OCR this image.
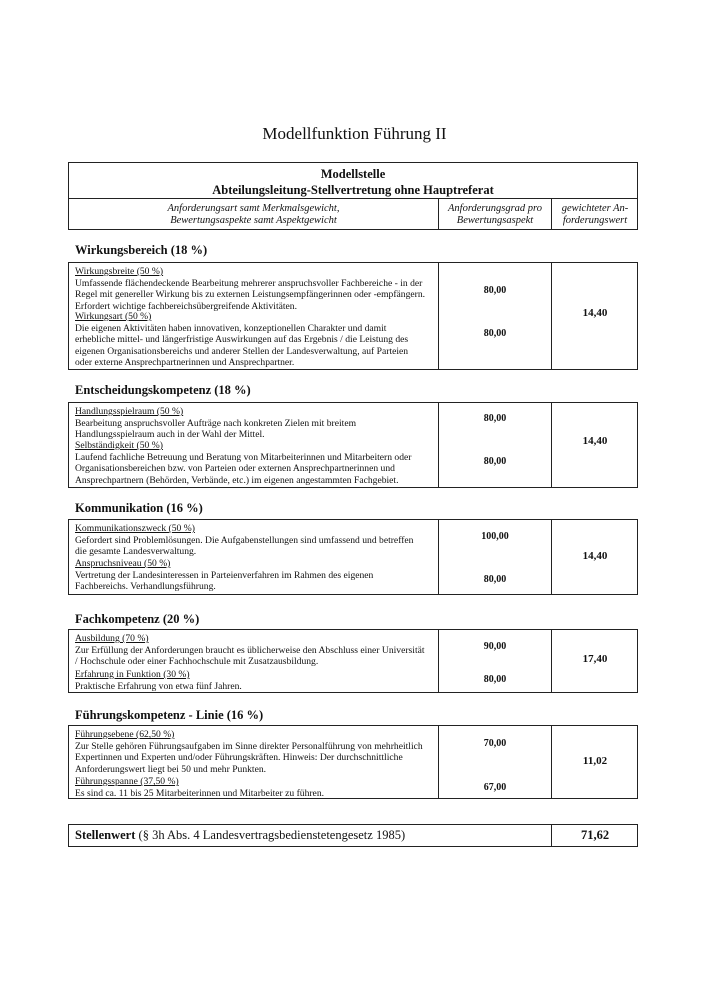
Modellfunktion Führung II
Modellstelle
Abteilungsleitung-Stellvertretung ohne Hauptreferat
Anforderungsart samt Merkmalsgewicht, Bewertungsaspekte samt Aspektgewicht
Anforderungsgrad pro Bewertungsaspekt
gewichteter An-forderungswert
Wirkungsbereich (18 %)
Wirkungsbreite (50 %)
Umfassende flächendeckende Bearbeitung mehrerer anspruchsvoller Fachbereiche - in der Regel mit genereller Wirkung bis zu externen Leistungsempfängerinnen oder -empfängern. Erfordert wichtige fachbereichsübergreifende Aktivitäten.
80,00
Wirkungsart (50 %)
Die eigenen Aktivitäten haben innovativen, konzeptionellen Charakter und damit erhebliche mittel- und längerfristige Auswirkungen auf das Ergebnis / die Leistung des eigenen Organisationsbereichs und anderer Stellen der Landesverwaltung, auf Parteien oder externe Ansprechpartnerinnen und Ansprechpartner.
80,00
14,40
Entscheidungskompetenz (18 %)
Handlungsspielraum (50 %)
Bearbeitung anspruchsvoller Aufträge nach konkreten Zielen mit breitem Handlungsspielraum auch in der Wahl der Mittel.
80,00
Selbständigkeit (50 %)
Laufend fachliche Betreuung und Beratung von Mitarbeiterinnen und Mitarbeitern oder Organisationsbereichen bzw. von Parteien oder externen Ansprechpartnerinnen und Ansprechpartnern (Behörden, Verbände, etc.) im eigenen angestammten Fachgebiet.
80,00
14,40
Kommunikation (16 %)
Kommunikationszweck (50 %)
Gefordert sind Problemlösungen. Die Aufgabenstellungen sind umfassend und betreffen die gesamte Landesverwaltung.
100,00
Anspruchsniveau (50 %)
Vertretung der Landesinteressen in Parteienverfahren im Rahmen des eigenen Fachbereichs. Verhandlungsführung.
80,00
14,40
Fachkompetenz (20 %)
Ausbildung (70 %)
Zur Erfüllung der Anforderungen braucht es üblicherweise den Abschluss einer Universität / Hochschule oder einer Fachhochschule mit Zusatzausbildung.
90,00
Erfahrung in Funktion (30 %)
Praktische Erfahrung von etwa fünf Jahren.
80,00
17,40
Führungskompetenz - Linie (16 %)
Führungsebene (62,50 %)
Zur Stelle gehören Führungsaufgaben im Sinne direkter Personalführung von mehrheitlich Expertinnen und Experten und/oder Führungskräften. Hinweis: Der durchschnittliche Anforderungswert liegt bei 50 und mehr Punkten.
70,00
Führungsspanne (37,50 %)
Es sind ca. 11 bis 25 Mitarbeiterinnen und Mitarbeiter zu führen.
67,00
11,02
Stellenwert (§ 3h Abs. 4 Landesvertragsbedienstetengesetz 1985)	71,62
